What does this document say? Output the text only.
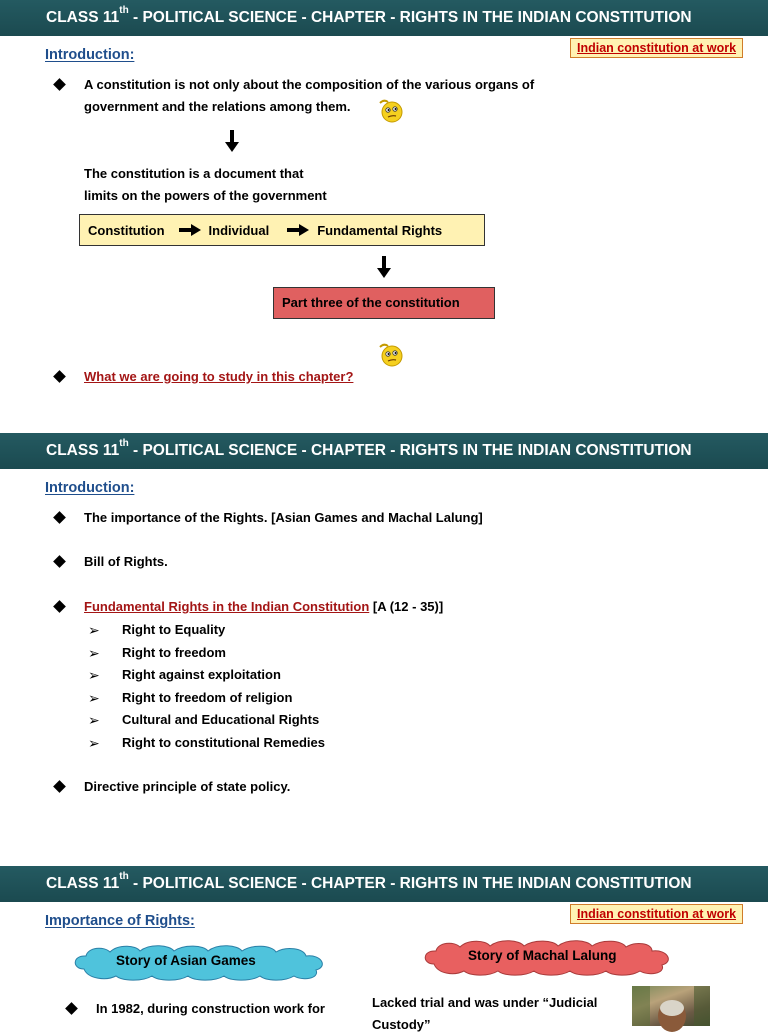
CLASS 11th - POLITICAL SCIENCE - CHAPTER - RIGHTS IN THE INDIAN CONSTITUTION
Introduction:	Indian constitution at work
A constitution is not only about the composition of the various organs of
government and the relations among them.
The constitution is a document that
limits on the powers of the government
Constitution	Individual	Fundamental Rights
Part three of the constitution
What we are going to study in this chapter?
CLASS 11th - POLITICAL SCIENCE - CHAPTER - RIGHTS IN THE INDIAN CONSTITUTION
Introduction:
The importance of the Rights. [Asian Games and Machal Lalung]
Bill of Rights.
Fundamental Rights in the Indian Constitution [A (12 - 35)]
➢ Right to Equality
➢ Right to freedom
➢ Right against exploitation
➢ Right to freedom of religion
➢ Cultural and Educational Rights
➢ Right to constitutional Remedies
Directive principle of state policy.
CLASS 11th - POLITICAL SCIENCE - CHAPTER - RIGHTS IN THE INDIAN CONSTITUTION
Importance of Rights:	Indian constitution at work
Story of Asian Games	Story of Machal Lalung
In 1982, during construction work for	Lacked trial and was under “Judicial
Custody”
